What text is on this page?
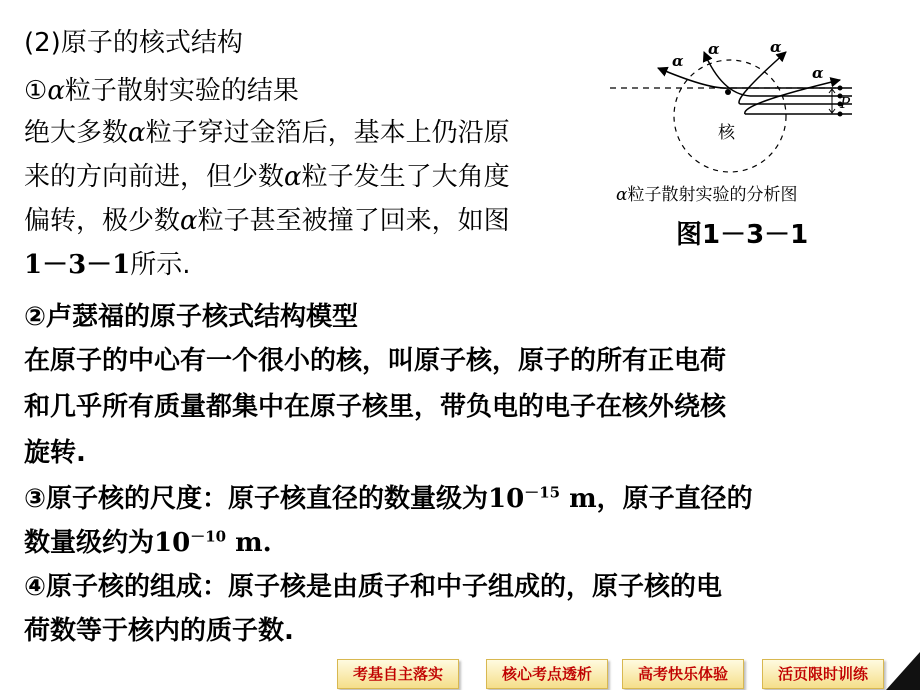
(2)原子的核式结构

①α粒子散射实验的结果

绝大多数α粒子穿过金箔后，基本上仍沿原

来的方向前进，但少数α粒子发生了大角度

偏转，极少数α粒子甚至被撞了回来，如图

1－3－1所示.

②卢瑟福的原子核式结构模型

在原子的中心有一个很小的核，叫原子核，原子的所有正电荷

和几乎所有质量都集中在原子核里，带负电的电子在核外绕核

旋转.

③原子核的尺度：原子核直径的数量级为$10^{-15}$ m，原子直径的

数量级约为$10^{-10}$ m.

④原子核的组成：原子核是由质子和中子组成的，原子核的电

荷数等于核内的质子数.

α
α	α
α
P
核
α粒子散射实验的分析图
图1－3－1
考基自主落实	核心考点透析	高考快乐体验	活页限时训练
